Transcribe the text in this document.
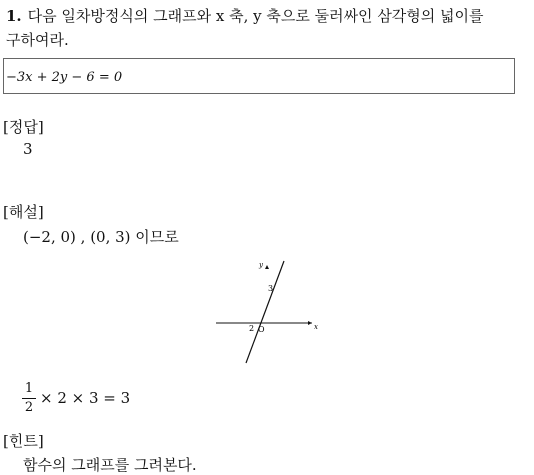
1. 다음 일차방정식의 그래프와 x 축, y 축으로 둘러싸인 삼각형의 넓이를
구하여라.
−3x + 2y − 6 = 0
[정답]
3
[해설]
(−2, 0) , (0, 3) 이므로
y
x
3
2 O
$\frac{1}{2} \times 2 \times 3 = 3$
[힌트]
함수의 그래프를 그려본다.
